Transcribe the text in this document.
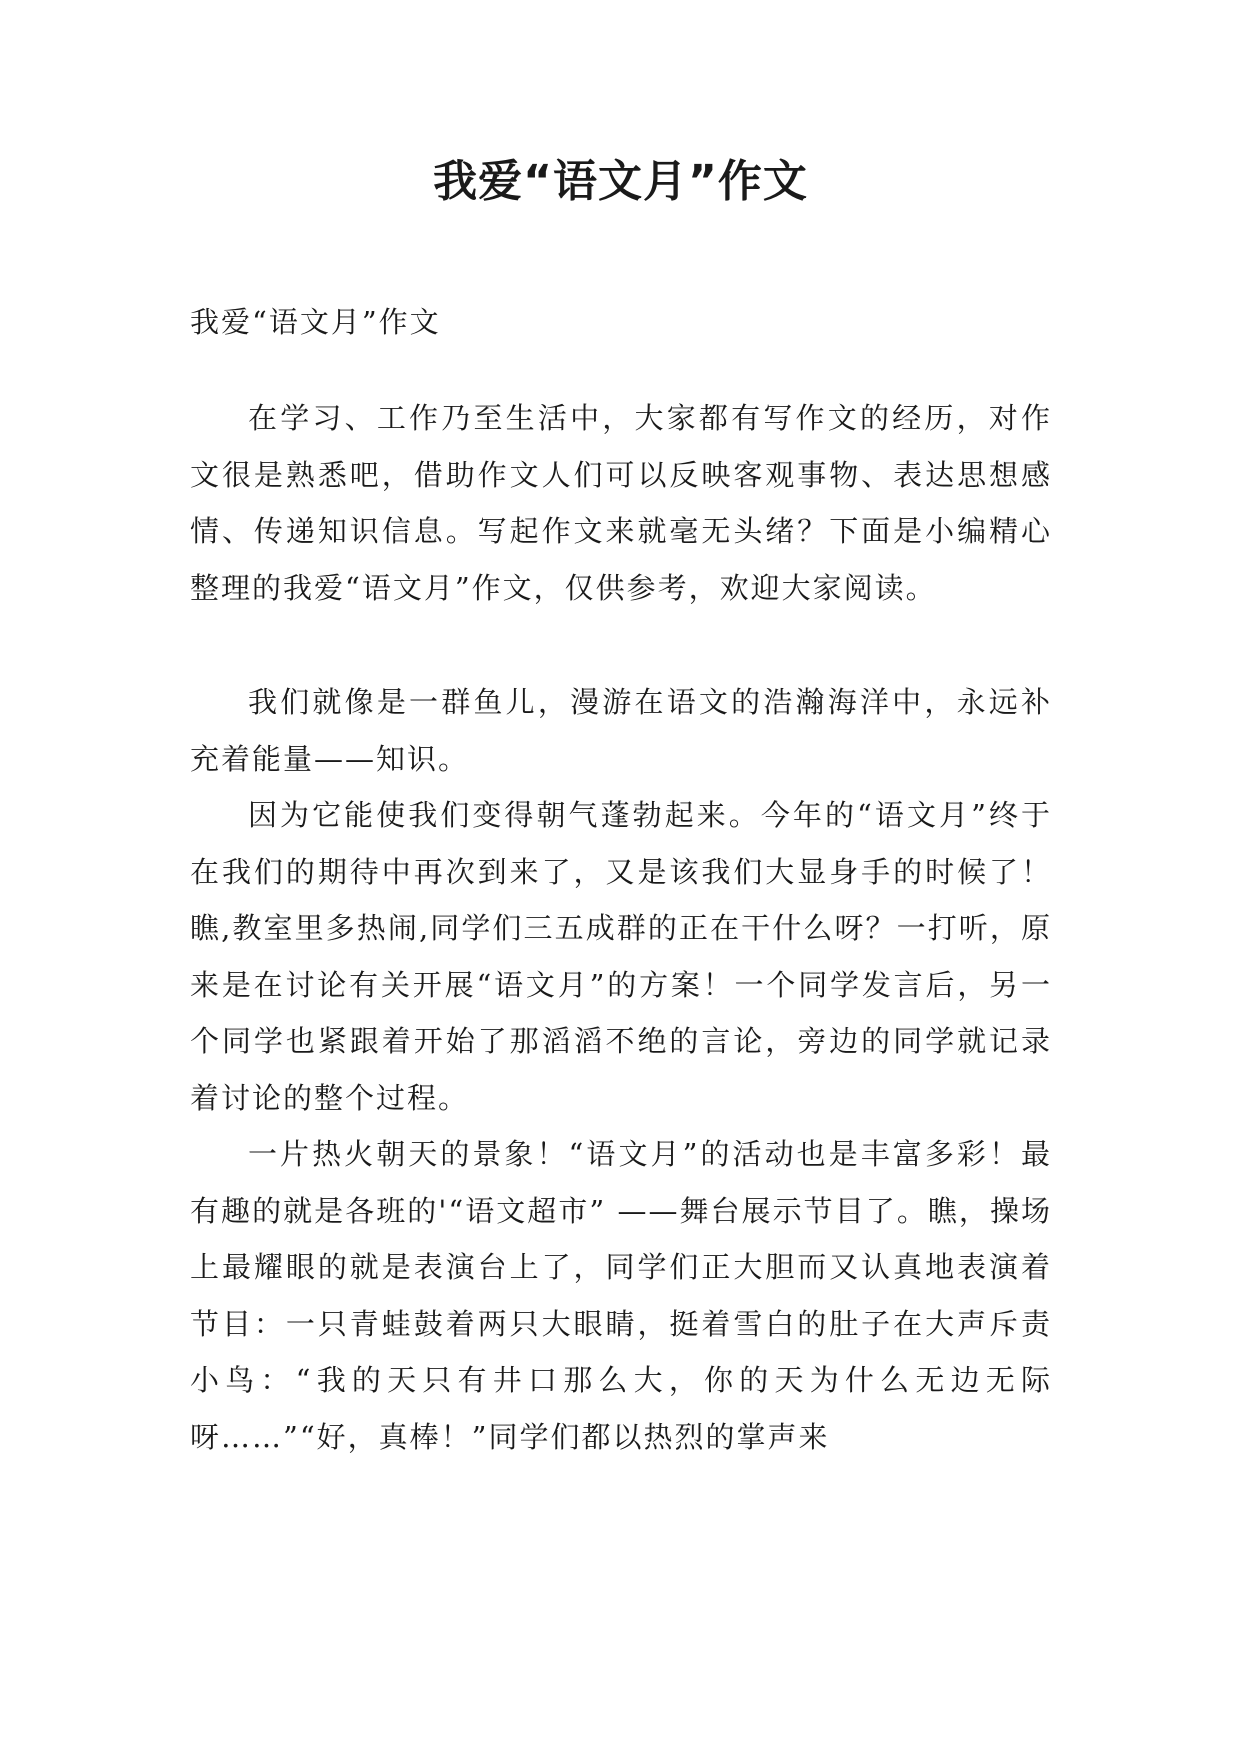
我爱“语文月”作文

我爱“语文月”作文

在学习、工作乃至生活中，大家都有写作文的经历，对作文很是熟悉吧，借助作文人们可以反映客观事物、表达思想感情、传递知识信息。写起作文来就毫无头绪？下面是小编精心整理的我爱“语文月”作文，仅供参考，欢迎大家阅读。

我们就像是一群鱼儿，漫游在语文的浩瀚海洋中，永远补充着能量——知识。

因为它能使我们变得朝气蓬勃起来。今年的“语文月”终于在我们的期待中再次到来了，又是该我们大显身手的时候了！瞧,教室里多热闹,同学们三五成群的正在干什么呀？一打听，原来是在讨论有关开展“语文月”的方案！一个同学发言后，另一个同学也紧跟着开始了那滔滔不绝的言论，旁边的同学就记录着讨论的整个过程。

一片热火朝天的景象！“语文月”的活动也是丰富多彩！最有趣的就是各班的'“语文超市” ——舞台展示节目了。瞧，操场上最耀眼的就是表演台上了，同学们正大胆而又认真地表演着节目：一只青蛙鼓着两只大眼睛，挺着雪白的肚子在大声斥责小鸟：“我的天只有井口那么大，你的天为什么无边无际呀……”“好，真棒！”同学们都以热烈的掌声来
